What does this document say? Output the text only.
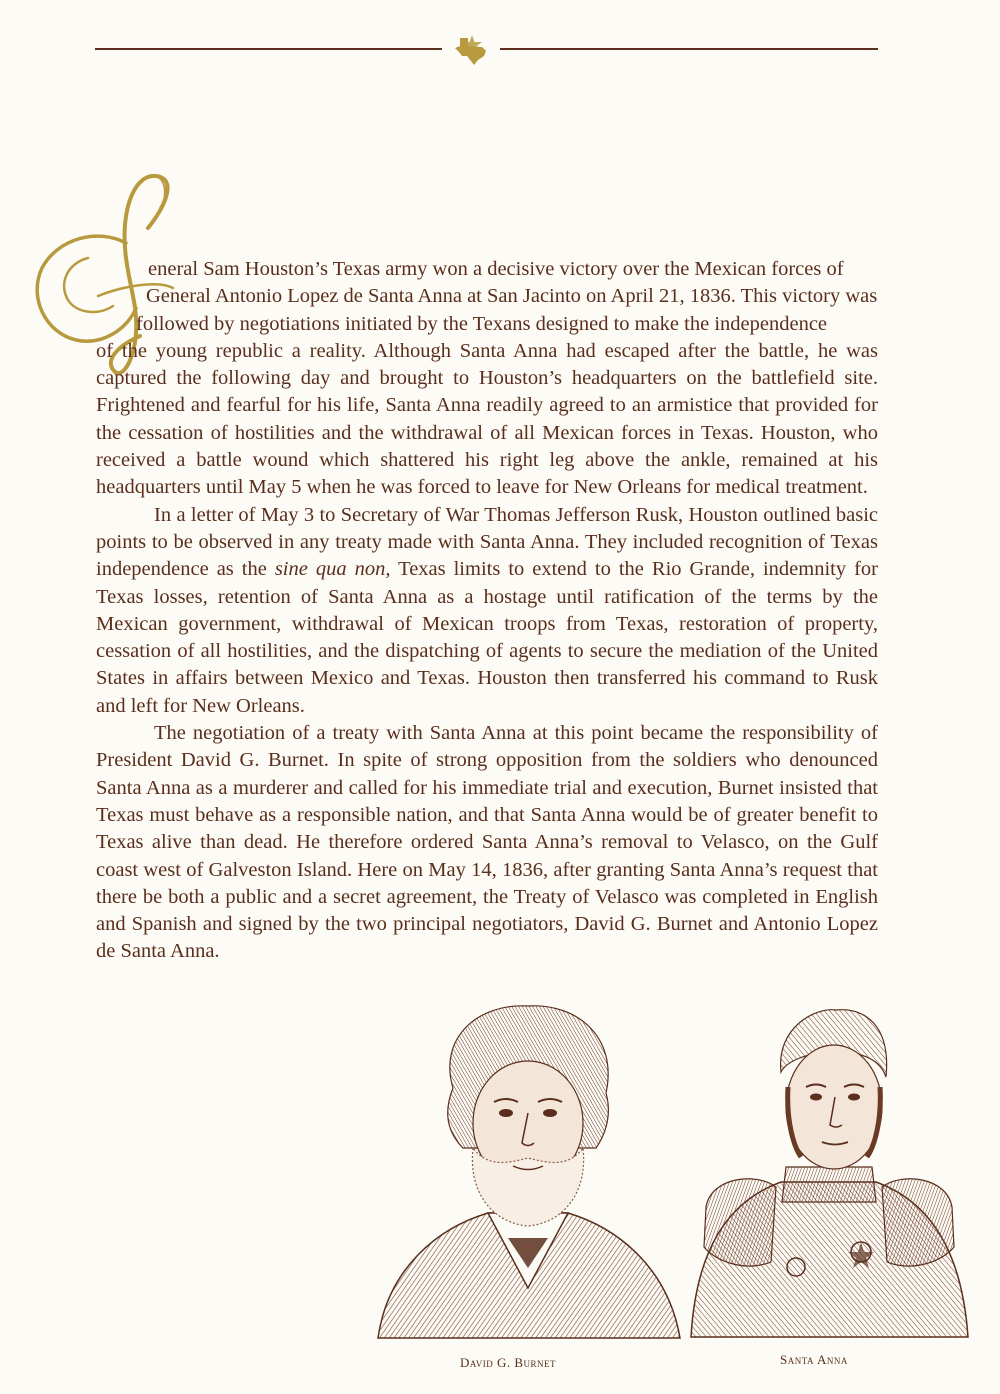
G

eneral Sam Houston’s Texas army won a decisive victory over the Mexican forces of
General Antonio Lopez de Santa Anna at San Jacinto on April 21, 1836. This victory was
followed by negotiations initiated by the Texans designed to make the independence
of the young republic a reality. Although Santa Anna had escaped after the battle, he was captured the following day and brought to Houston’s headquarters on the battlefield site. Frightened and fearful for his life, Santa Anna readily agreed to an armistice that provided for the cessation of hostilities and the withdrawal of all Mexican forces in Texas. Houston, who received a battle wound which shattered his right leg above the ankle, remained at his headquarters until May 5 when he was forced to leave for New Orleans for medical treatment.

In a letter of May 3 to Secretary of War Thomas Jefferson Rusk, Houston outlined basic points to be observed in any treaty made with Santa Anna. They included recognition of Texas independence as the sine qua non, Texas limits to extend to the Rio Grande, indemnity for Texas losses, retention of Santa Anna as a hostage until ratification of the terms by the Mexican government, withdrawal of Mexican troops from Texas, restoration of property, cessation of all hostilities, and the dispatching of agents to secure the mediation of the United States in affairs between Mexico and Texas. Houston then transferred his command to Rusk and left for New Orleans.

The negotiation of a treaty with Santa Anna at this point became the responsibility of President David G. Burnet. In spite of strong opposition from the soldiers who denounced Santa Anna as a murderer and called for his immediate trial and execution, Burnet insisted that Texas must behave as a responsible nation, and that Santa Anna would be of greater benefit to Texas alive than dead. He therefore ordered Santa Anna’s removal to Velasco, on the Gulf coast west of Galveston Island. Here on May 14, 1836, after granting Santa Anna’s request that there be both a public and a secret agreement, the Treaty of Velasco was completed in English and Spanish and signed by the two principal negotiators, David G. Burnet and Antonio Lopez de Santa Anna.

David G. Burnet	Santa Anna
